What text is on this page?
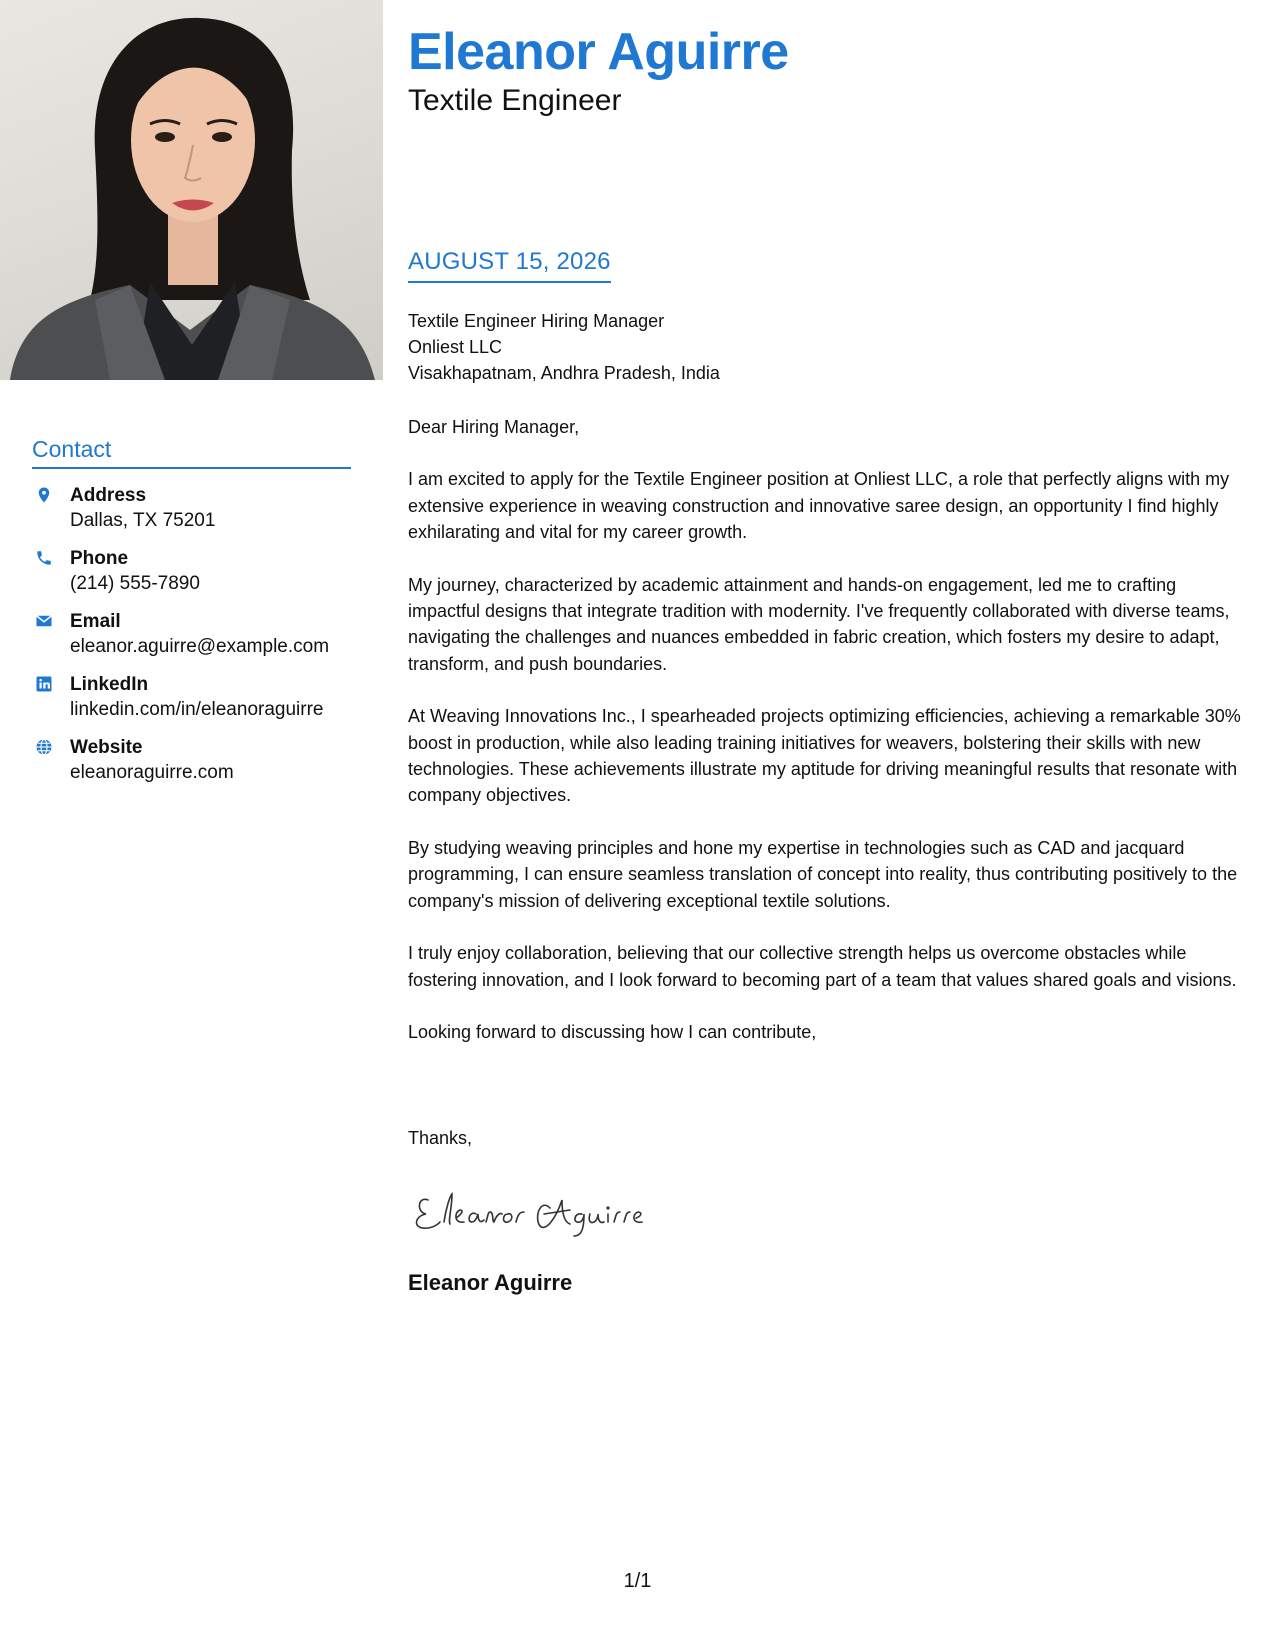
Contact
Address
Dallas, TX 75201
Phone
(214) 555-7890
Email
eleanor.aguirre@example.com
LinkedIn
linkedin.com/in/eleanoraguirre
Website
eleanoraguirre.com
Eleanor Aguirre
Textile Engineer
AUGUST 15, 2026
Textile Engineer Hiring Manager
Onliest LLC
Visakhapatnam, Andhra Pradesh, India

Dear Hiring Manager,

I am excited to apply for the Textile Engineer position at Onliest LLC, a role that perfectly aligns with my extensive experience in weaving construction and innovative saree design, an opportunity I find highly exhilarating and vital for my career growth.

My journey, characterized by academic attainment and hands-on engagement, led me to crafting impactful designs that integrate tradition with modernity. I've frequently collaborated with diverse teams, navigating the challenges and nuances embedded in fabric creation, which fosters my desire to adapt, transform, and push boundaries.

At Weaving Innovations Inc., I spearheaded projects optimizing efficiencies, achieving a remarkable 30% boost in production, while also leading training initiatives for weavers, bolstering their skills with new technologies. These achievements illustrate my aptitude for driving meaningful results that resonate with company objectives.

By studying weaving principles and hone my expertise in technologies such as CAD and jacquard programming, I can ensure seamless translation of concept into reality, thus contributing positively to the company's mission of delivering exceptional textile solutions.

I truly enjoy collaboration, believing that our collective strength helps us overcome obstacles while fostering innovation, and I look forward to becoming part of a team that values shared goals and visions.

Looking forward to discussing how I can contribute,

Thanks,
Eleanor Aguirre
1/1
